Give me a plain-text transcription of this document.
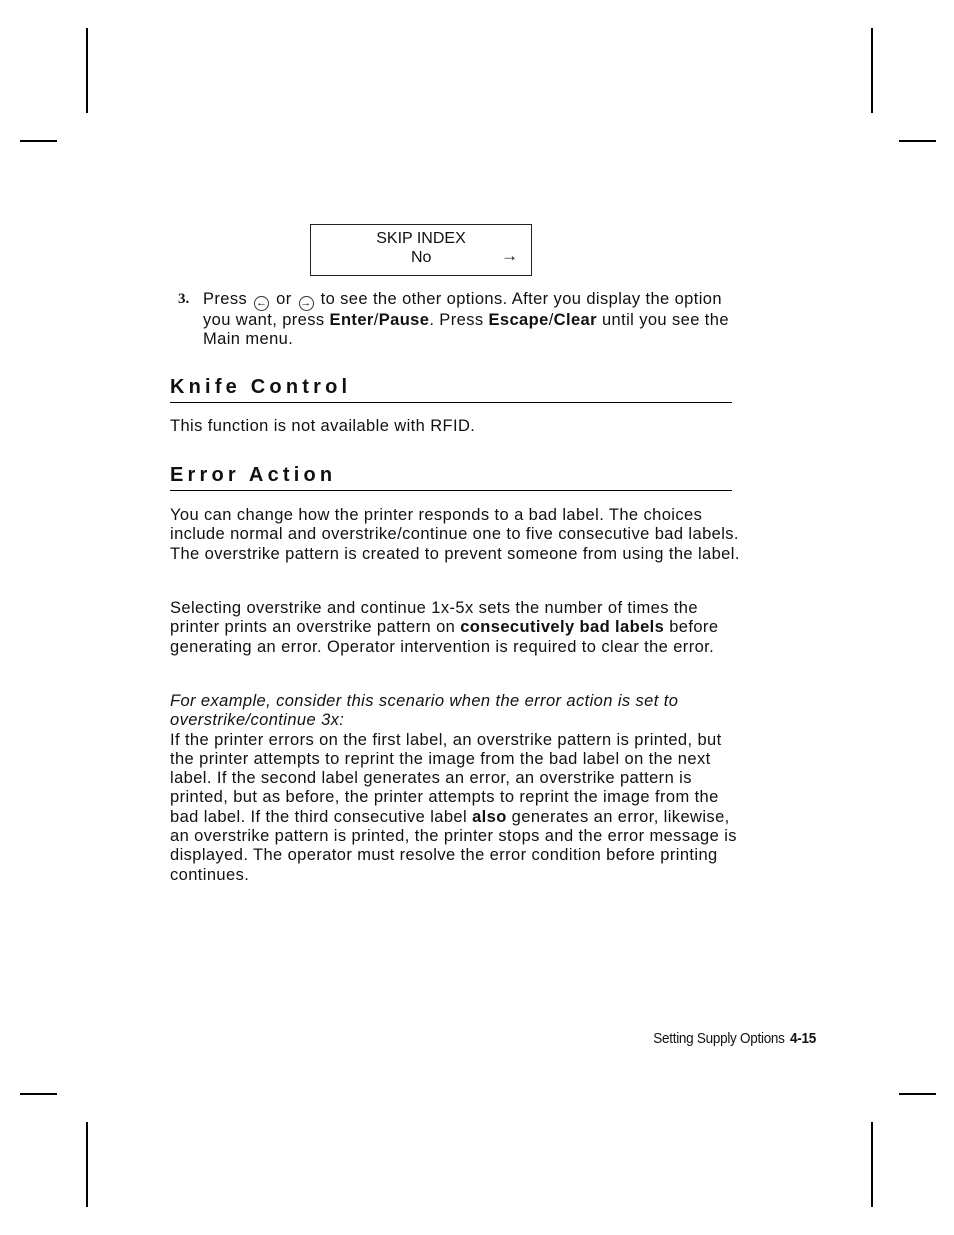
SKIP INDEX
No	→
3. Press ← or → to see the other options. After you display the option you want, press Enter/Pause. Press Escape/Clear until you see the Main menu.
Knife Control
This function is not available with RFID.
Error Action
You can change how the printer responds to a bad label. The choices include normal and overstrike/continue one to five consecutive bad labels. The overstrike pattern is created to prevent someone from using the label.
Selecting overstrike and continue 1x-5x sets the number of times the printer prints an overstrike pattern on consecutively bad labels before generating an error. Operator intervention is required to clear the error.
For example, consider this scenario when the error action is set to overstrike/continue 3x:
If the printer errors on the first label, an overstrike pattern is printed, but the printer attempts to reprint the image from the bad label on the next label. If the second label generates an error, an overstrike pattern is printed, but as before, the printer attempts to reprint the image from the bad label. If the third consecutive label also generates an error, likewise, an overstrike pattern is printed, the printer stops and the error message is displayed. The operator must resolve the error condition before printing continues.
Setting Supply Options 4-15
